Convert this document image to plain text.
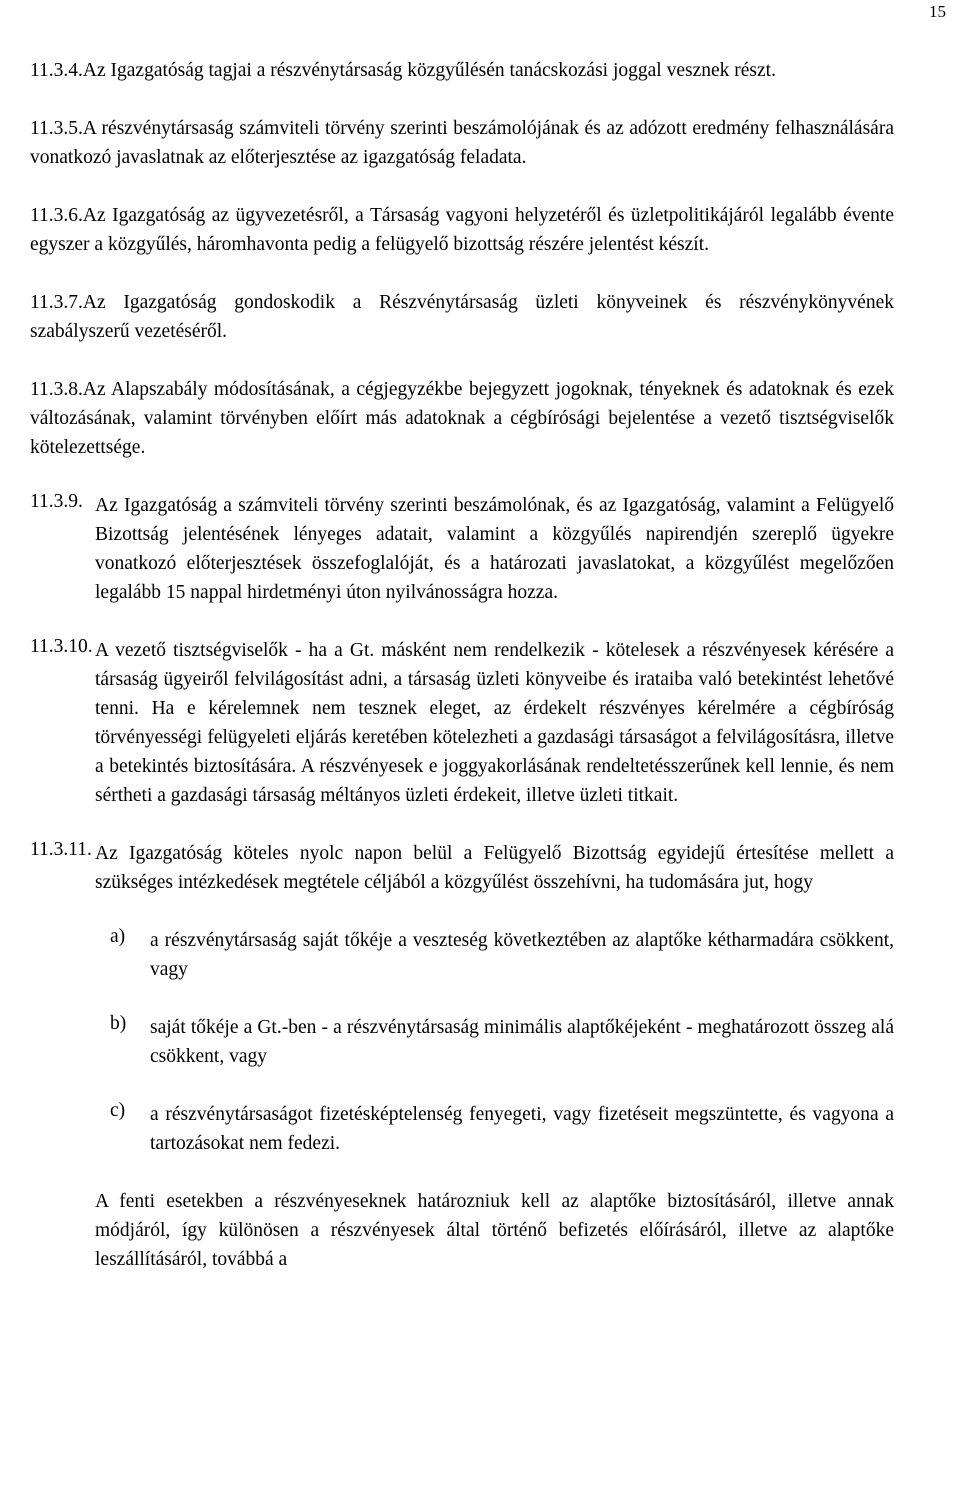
15

11.3.4.Az Igazgatóság tagjai a részvénytársaság közgyűlésén tanácskozási joggal vesznek részt.

11.3.5.A részvénytársaság számviteli törvény szerinti beszámolójának és az adózott eredmény felhasználására vonatkozó javaslatnak az előterjesztése az igazgatóság feladata.

11.3.6.Az Igazgatóság az ügyvezetésről, a Társaság vagyoni helyzetéről és üzletpolitikájáról legalább évente egyszer a közgyűlés, háromhavonta pedig a felügyelő bizottság részére jelentést készít.

11.3.7.Az Igazgatóság gondoskodik a Részvénytársaság üzleti könyveinek és részvénykönyvének szabályszerű vezetéséről.

11.3.8.Az Alapszabály módosításának, a cégjegyzékbe bejegyzett jogoknak, tényeknek és adatoknak és ezek változásának, valamint törvényben előírt más adatoknak a cégbírósági bejelentése a vezető tisztségviselők kötelezettsége.

11.3.9. Az Igazgatóság a számviteli törvény szerinti beszámolónak, és az Igazgatóság, valamint a Felügyelő Bizottság jelentésének lényeges adatait, valamint a közgyűlés napirendjén szereplő ügyekre vonatkozó előterjesztések összefoglalóját, és a határozati javaslatokat, a közgyűlést megelőzően legalább 15 nappal hirdetményi úton nyilvánosságra hozza.
11.3.10. A vezető tisztségviselők - ha a Gt. másként nem rendelkezik - kötelesek a részvényesek kérésére a társaság ügyeiről felvilágosítást adni, a társaság üzleti könyveibe és irataiba való betekintést lehetővé tenni. Ha e kérelemnek nem tesznek eleget, az érdekelt részvényes kérelmére a cégbíróság törvényességi felügyeleti eljárás keretében kötelezheti a gazdasági társaságot a felvilágosításra, illetve a betekintés biztosítására. A részvényesek e joggyakorlásának rendeltetésszerűnek kell lennie, és nem sértheti a gazdasági társaság méltányos üzleti érdekeit, illetve üzleti titkait.
11.3.11. Az Igazgatóság köteles nyolc napon belül a Felügyelő Bizottság egyidejű értesítése mellett a szükséges intézkedések megtétele céljából a közgyűlést összehívni, ha tudomására jut, hogy
a)	a részvénytársaság saját tőkéje a veszteség következtében az alaptőke kétharmadára csökkent, vagy
b)	saját tőkéje a Gt.-ben - a részvénytársaság minimális alaptőkéjeként - meghatározott összeg alá csökkent, vagy
c)	a részvénytársaságot fizetésképtelenség fenyegeti, vagy fizetéseit megszüntette, és vagyona a tartozásokat nem fedezi.

A fenti esetekben a részvényeseknek határozniuk kell az alaptőke biztosításáról, illetve annak módjáról, így különösen a részvényesek által történő befizetés előírásáról, illetve az alaptőke leszállításáról, továbbá a
